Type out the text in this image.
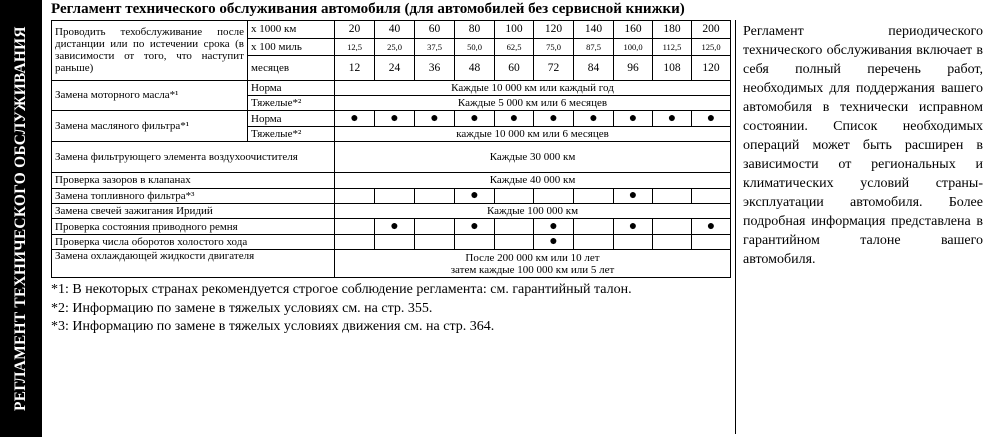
РЕГЛАМЕНТ ТЕХНИЧЕСКОГО ОБСЛУЖИВАНИЯ
Регламент технического обслуживания автомобиля (для автомобилей без сервисной книжки)
Проводить техобслуживание после дистанции или по истечении срока (в зависимости от того, что наступит раньше)	x 1000 км	20	40	60	80	100	120	140	160	180	200
	x 100 миль	12,5	25,0	37,5	50,0	62,5	75,0	87,5	100,0	112,5	125,0
	месяцев	12	24	36	48	60	72	84	96	108	120
Замена моторного масла*¹	Норма	Каждые 10 000 км или каждый год									
	Тяжелые*²	Каждые 5 000 км или 6 месяцев									
Замена масляного фильтра*¹	Норма	●	●	●	●	●	●	●	●	●	●
	Тяжелые*²	каждые 10 000 км или 6 месяцев									
Замена фильтрующего элемента воздухоочистителя		Каждые 30 000 км									
Проверка зазоров в клапанах		Каждые 40 000 км									
Замена топливного фильтра*³					●				●		
Замена свечей зажигания Иридий		Каждые 100 000 км									
Проверка состояния приводного ремня			●		●		●		●		●
Проверка числа оборотов холостого хода							●				
Замена охлаждающей жидкости двигателя		После 200 000 км или 10 лет
затем каждые 100 000 км или 5 лет									
*1: В некоторых странах рекомендуется строгое соблюдение регламента: см. гарантийный талон.
*2: Информацию по замене в тяжелых условиях см. на стр. 355.
*3: Информацию по замене в тяжелых условиях движения см. на стр. 364.
Регламент периодического технического обслуживания включает в себя полный перечень работ, необходимых для поддержания вашего автомобиля в технически исправном состоянии. Список необходимых операций может быть расширен в зависимости от региональных и климатических условий страны-эксплуатации автомобиля. Более подробная информация представлена в гарантийном талоне вашего автомобиля.
